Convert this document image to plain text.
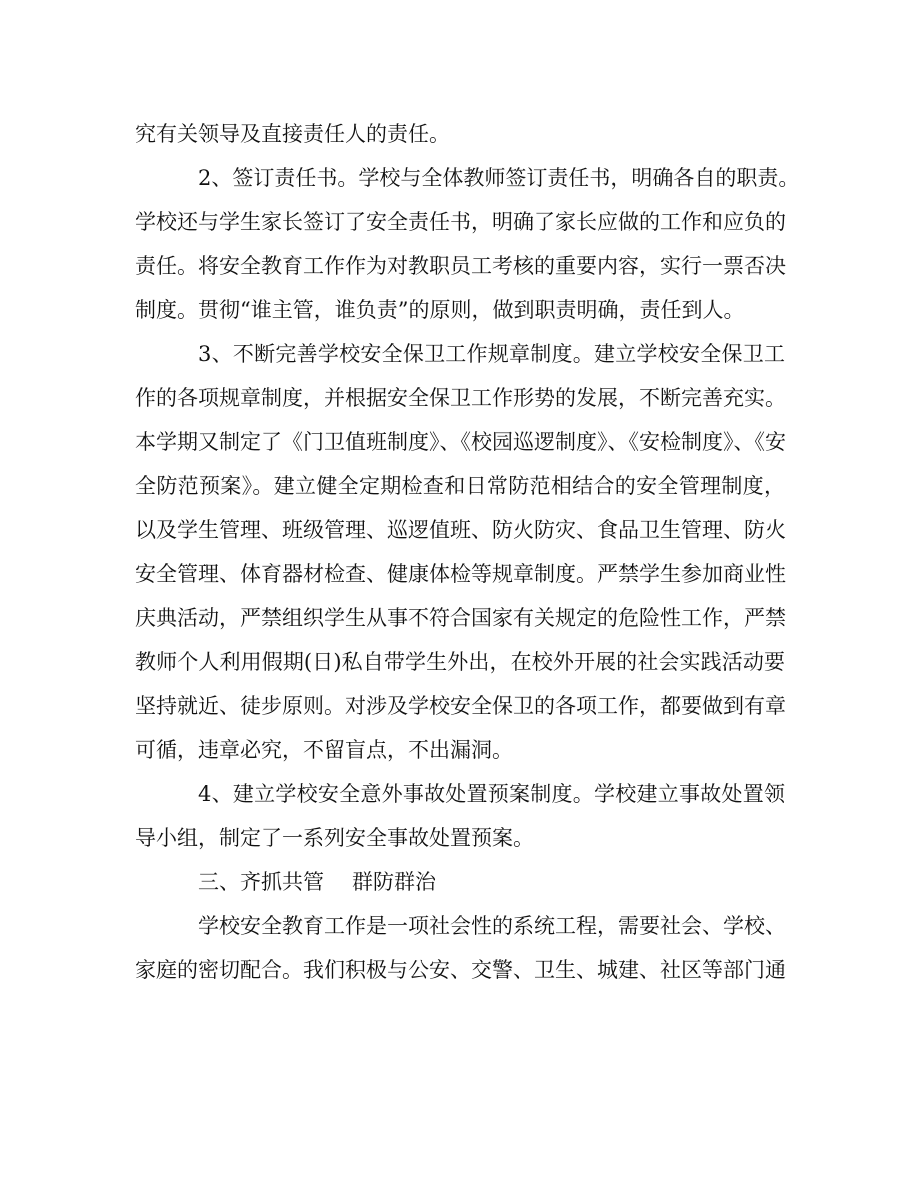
究有关领导及直接责任人的责任。
2、签订责任书。学校与全体教师签订责任书，明确各自的职责。
学校还与学生家长签订了安全责任书，明确了家长应做的工作和应负的
责任。将安全教育工作作为对教职员工考核的重要内容，实行一票否决
制度。贯彻“谁主管，谁负责”的原则，做到职责明确，责任到人。
3、不断完善学校安全保卫工作规章制度。建立学校安全保卫工
作的各项规章制度，并根据安全保卫工作形势的发展，不断完善充实。
本学期又制定了《门卫值班制度》、《校园巡逻制度》、《安检制度》、《安
全防范预案》。建立健全定期检查和日常防范相结合的安全管理制度，
以及学生管理、班级管理、巡逻值班、防火防灾、食品卫生管理、防火
安全管理、体育器材检查、健康体检等规章制度。严禁学生参加商业性
庆典活动，严禁组织学生从事不符合国家有关规定的危险性工作，严禁
教师个人利用假期(日)私自带学生外出，在校外开展的社会实践活动要
坚持就近、徒步原则。对涉及学校安全保卫的各项工作，都要做到有章
可循，违章必究，不留盲点，不出漏洞。
4、建立学校安全意外事故处置预案制度。学校建立事故处置领
导小组，制定了一系列安全事故处置预案。
三、齐抓共管 群防群治
学校安全教育工作是一项社会性的系统工程，需要社会、学校、
家庭的密切配合。我们积极与公安、交警、卫生、城建、社区等部门通
